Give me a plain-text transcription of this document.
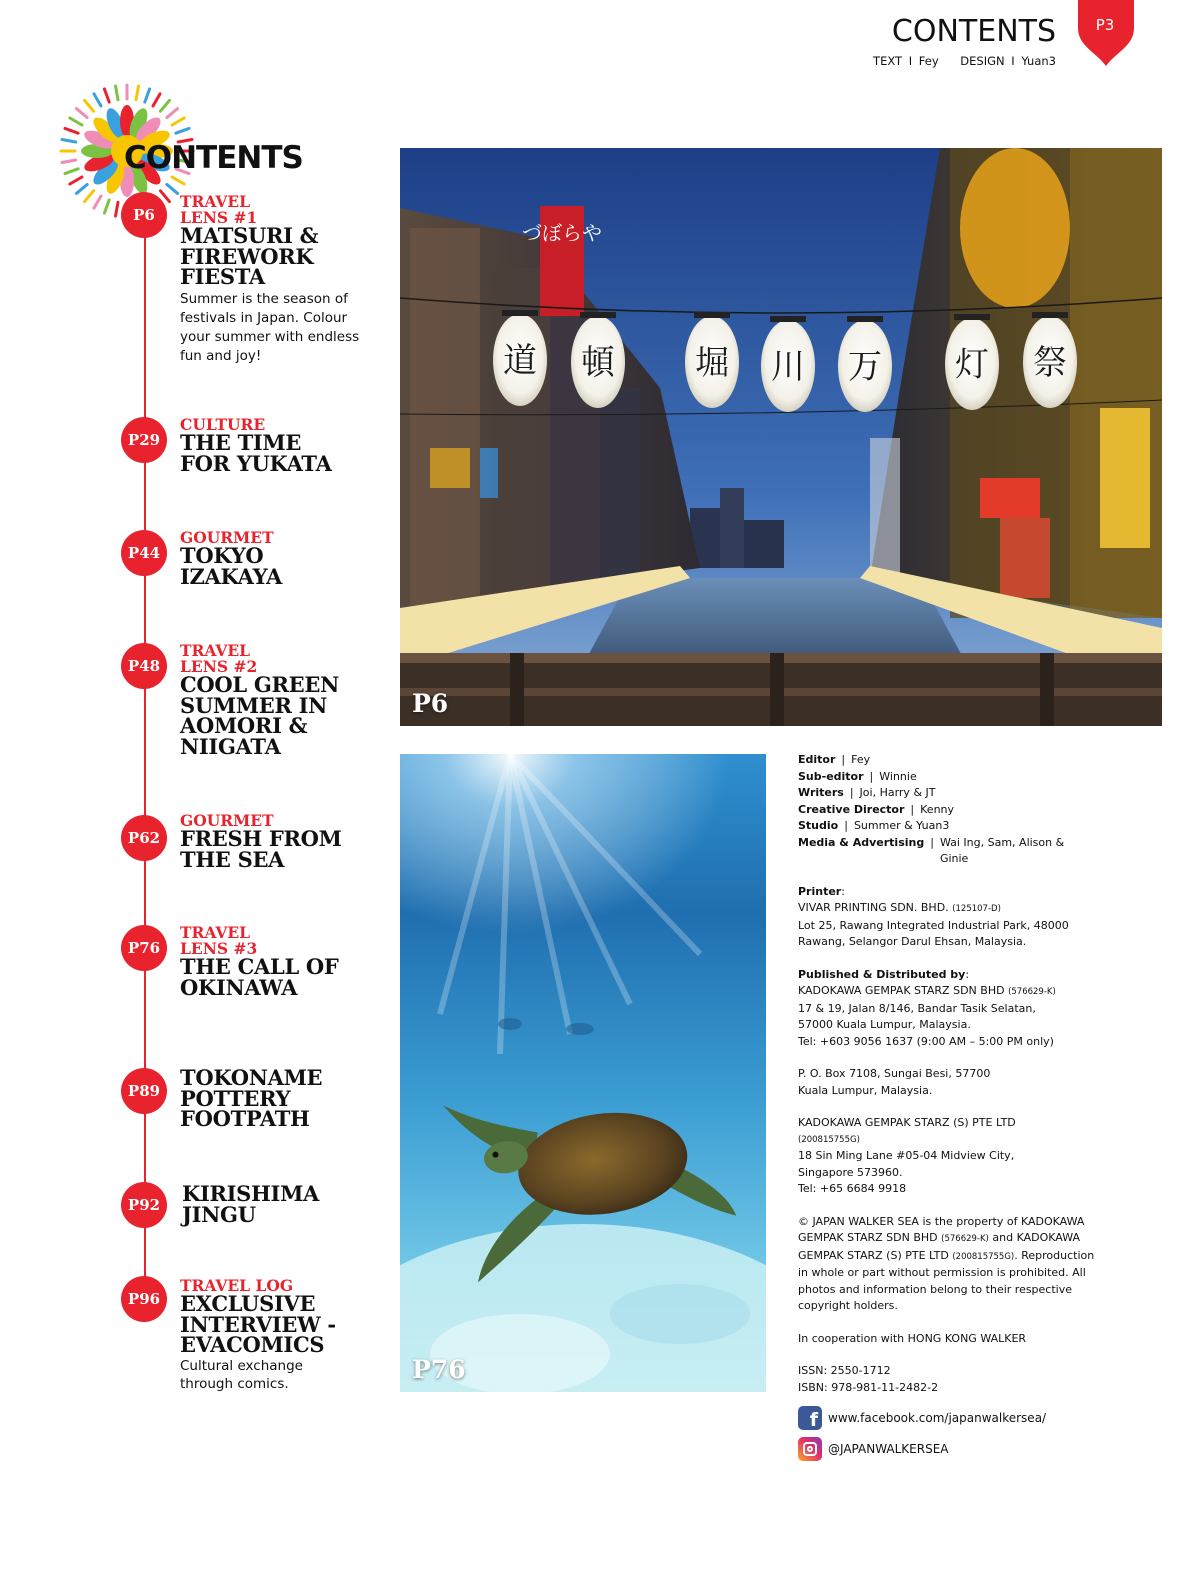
CONTENTS
TEXT I Fey DESIGN I Yuan3
P3
CONTENTS
P6
TRAVEL
LENS #1
MATSURI &
FIREWORK
FIESTA
Summer is the season of
festivals in Japan. Colour
your summer with endless
fun and joy!
P29
CULTURE
THE TIME
FOR YUKATA
P44
GOURMET
TOKYO
IZAKAYA
P48
TRAVEL
LENS #2
COOL GREEN
SUMMER IN
AOMORI &
NIIGATA
P62
GOURMET
FRESH FROM
THE SEA
P76
TRAVEL
LENS #3
THE CALL OF
OKINAWA
P89
TOKONAME
POTTERY
FOOTPATH
P92	KIRISHIMA
JINGU
P96
TRAVEL LOG
EXCLUSIVE
INTERVIEW -
EVACOMICS
Cultural exchange
through comics.
づぼらや
道 頓 堀 川 万 灯 祭
P6
P76
Editor | Fey
Sub-editor | Winnie
Writers | Joi, Harry & JT
Creative Director | Kenny
Studio | Summer & Yuan3
Media & Advertising | Wai Ing, Sam, Alison & Ginie
Printer:
VIVAR PRINTING SDN. BHD. (125107-D)
Lot 25, Rawang Integrated Industrial Park, 48000
Rawang, Selangor Darul Ehsan, Malaysia.
Published & Distributed by:
KADOKAWA GEMPAK STARZ SDN BHD (576629-K)
17 & 19, Jalan 8/146, Bandar Tasik Selatan,
57000 Kuala Lumpur, Malaysia.
Tel: +603 9056 1637 (9:00 AM – 5:00 PM only)
P. O. Box 7108, Sungai Besi, 57700
Kuala Lumpur, Malaysia.
KADOKAWA GEMPAK STARZ (S) PTE LTD
(200815755G)
18 Sin Ming Lane #05-04 Midview City,
Singapore 573960.
Tel: +65 6684 9918
© JAPAN WALKER SEA is the property of KADOKAWA GEMPAK STARZ SDN BHD (576629-K) and KADOKAWA GEMPAK STARZ (S) PTE LTD (200815755G). Reproduction in whole or part without permission is prohibited. All photos and information belong to their respective copyright holders.
In cooperation with HONG KONG WALKER
ISSN: 2550-1712
ISBN: 978-981-11-2482-2
f www.facebook.com/japanwalkersea/
@JAPANWALKERSEA
